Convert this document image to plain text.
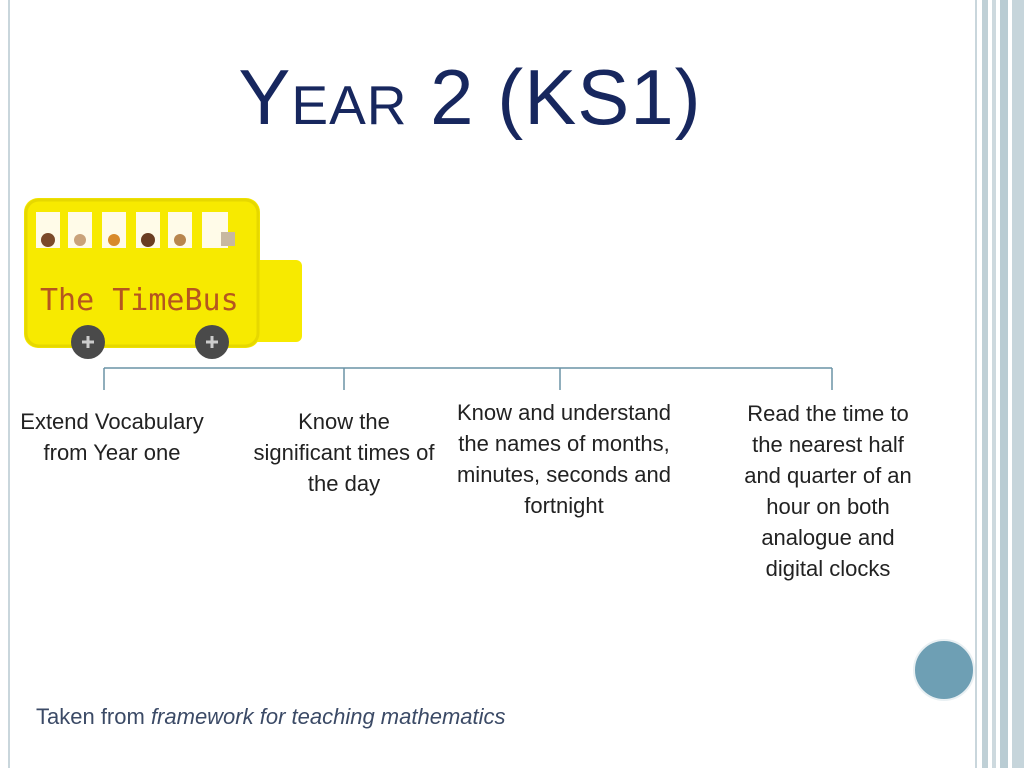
Year 2 (KS1)
The TimeBus
Extend Vocabulary from Year one
Know the significant times of the day
Know and understand the names of months, minutes, seconds and fortnight
Read the time to the nearest half and quarter of an hour on both analogue and digital clocks
Taken from framework for teaching mathematics
